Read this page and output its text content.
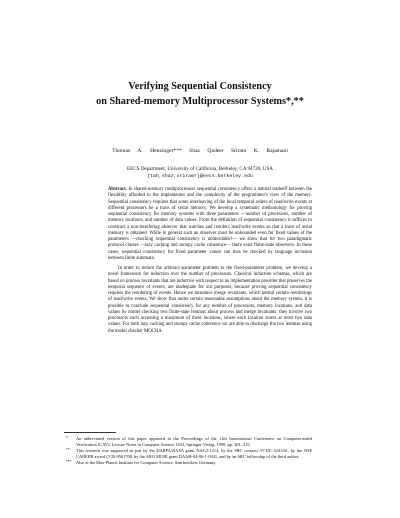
Verifying Sequential Consistency
on Shared-memory Multiprocessor Systems*,**
Thomas A. Henzinger*** Shaz Qadeer Sriram K. Rajamani
EECS Department, University of California, Berkeley, CA 94720, USA
{tah,shaz,sriramr}@eecs.berkeley.edu

Abstract. In shared-memory multiprocessors sequential consistency offers a natural tradeoff between the flexibility afforded to the implementor and the complexity of the programmer's view of the memory. Sequential consistency requires that some interleaving of the local temporal orders of read/write events at different processors be a trace of serial memory. We develop a systematic methodology for proving sequential consistency for memory systems with three parameters —number of processors, number of memory locations, and number of data values. From the definition of sequential consistency it suffices to construct a non-interfering observer that watches and reorders read/write events so that a trace of serial memory is obtained. While in general such an observer must be unbounded even for fixed values of the parameters —checking sequential consistency is undecidable!— we show that for two paradigmatic protocol classes —lazy caching and snoopy cache coherence— there exist finite-state observers. In these cases, sequential consistency for fixed parameter values can thus be checked by language inclusion between finite automata.

In order to reduce the arbitrary-parameter problem to the fixed-parameter problem, we develop a novel framework for induction over the number of processors. Classical induction schemas, which are based on process invariants that are inductive with respect to an implementation preorder that preserves the temporal sequence of events, are inadequate for our purposes, because proving sequential consistency requires the reordering of events. Hence we introduce merge invariants, which permit certain reorderings of read/write events. We show that under certain reasonable assumptions about the memory system, it is possible to conclude sequential consistency for any number of processors, memory locations, and data values by model checking two finite-state lemmas about process and merge invariants: they involve two processors each accessing a maximum of three locations, where each location stores at most two data values. For both lazy caching and snoopy cache coherence we are able to discharge the two lemmas using the model checker MOCHA.

* An abbreviated version of this paper appeared in the Proceedings of the 11th International Conference on Computer-aided Verification (CAV), Lecture Notes in Computer Science 1633, Springer-Verlag, 1999, pp. 301–315.

** This research was supported in part by the DARPA/NASA grant NAG2-1214, by the SRC contract 97-DC-324.041, by the NSF CAREER award CCR-9501708, by the ARO MURI grant DAAH-04-96-1-0341, and by an SRC fellowship of the third author.

*** Also at the Max-Planck Institute for Computer Science, Saarbrücken, Germany.
